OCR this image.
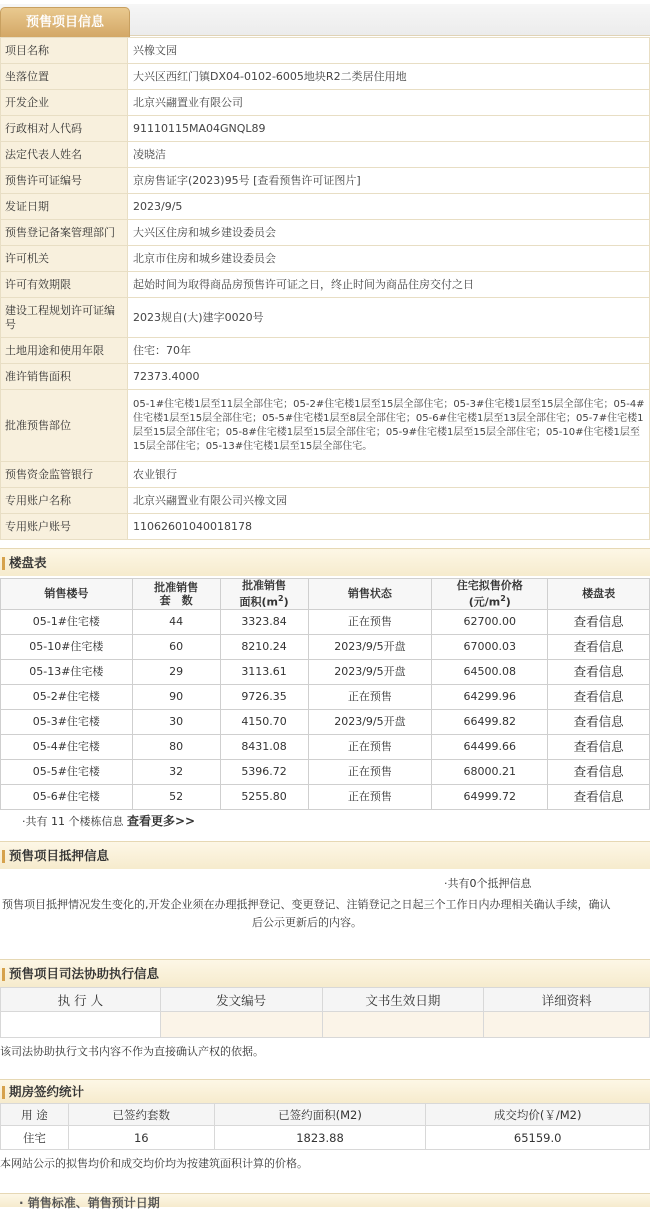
预售项目信息
项目名称	兴橡文园
坐落位置	大兴区西红门镇DX04-0102-6005地块R2二类居住用地
开发企业	北京兴翮置业有限公司
行政相对人代码	91110115MA04GNQL89
法定代表人姓名	凌晓洁
预售许可证编号	京房售证字(2023)95号 [查看预售许可证图片]
发证日期	2023/9/5
预售登记备案管理部门	大兴区住房和城乡建设委员会
许可机关	北京市住房和城乡建设委员会
许可有效期限	起始时间为取得商品房预售许可证之日，终止时间为商品住房交付之日
建设工程规划许可证编号	2023规自(大)建字0020号
土地用途和使用年限	住宅：70年
准许销售面积	72373.4000
批准预售部位	05-1#住宅楼1层至11层全部住宅；05-2#住宅楼1层至15层全部住宅；05-3#住宅楼1层至15层全部住宅；05-4#住宅楼1层至15层全部住宅；05-5#住宅楼1层至8层全部住宅；05-6#住宅楼1层至13层全部住宅；05-7#住宅楼1层至15层全部住宅；05-8#住宅楼1层至15层全部住宅；05-9#住宅楼1层至15层全部住宅；05-10#住宅楼1层至15层全部住宅；05-13#住宅楼1层至15层全部住宅。
预售资金监管银行	农业银行
专用账户名称	北京兴翮置业有限公司兴橡文园
专用账户账号	11062601040018178
楼盘表
销售楼号	批准销售套　数	批准销售面积$(m^2)$	销售状态	住宅拟售价格(元$/m^2$)	楼盘表
05-1#住宅楼	44	3323.84	正在预售	62700.00	查看信息
05-10#住宅楼	60	8210.24	2023/9/5开盘	67000.03	查看信息
05-13#住宅楼	29	3113.61	2023/9/5开盘	64500.08	查看信息
05-2#住宅楼	90	9726.35	正在预售	64299.96	查看信息
05-3#住宅楼	30	4150.70	2023/9/5开盘	66499.82	查看信息
05-4#住宅楼	80	8431.08	正在预售	64499.66	查看信息
05-5#住宅楼	32	5396.72	正在预售	68000.21	查看信息
05-6#住宅楼	52	5255.80	正在预售	64999.72	查看信息
·共有 11 个楼栋信息 查看更多>>
预售项目抵押信息
·共有0个抵押信息
预售项目抵押情况发生变化的,开发企业须在办理抵押登记、变更登记、注销登记之日起三个工作日内办理相关确认手续，确认
后公示更新后的内容。
预售项目司法协助执行信息
执 行 人	发文编号	文书生效日期	详细资料

该司法协助执行文书内容不作为直接确认产权的依据。
期房签约统计
用 途	已签约套数	已签约面积(M2)	成交均价(￥/M2)
住宅	16	1823.88	65159.0
本网站公示的拟售均价和成交均价均为按建筑面积计算的价格。
· 销售标准、销售预计日期
